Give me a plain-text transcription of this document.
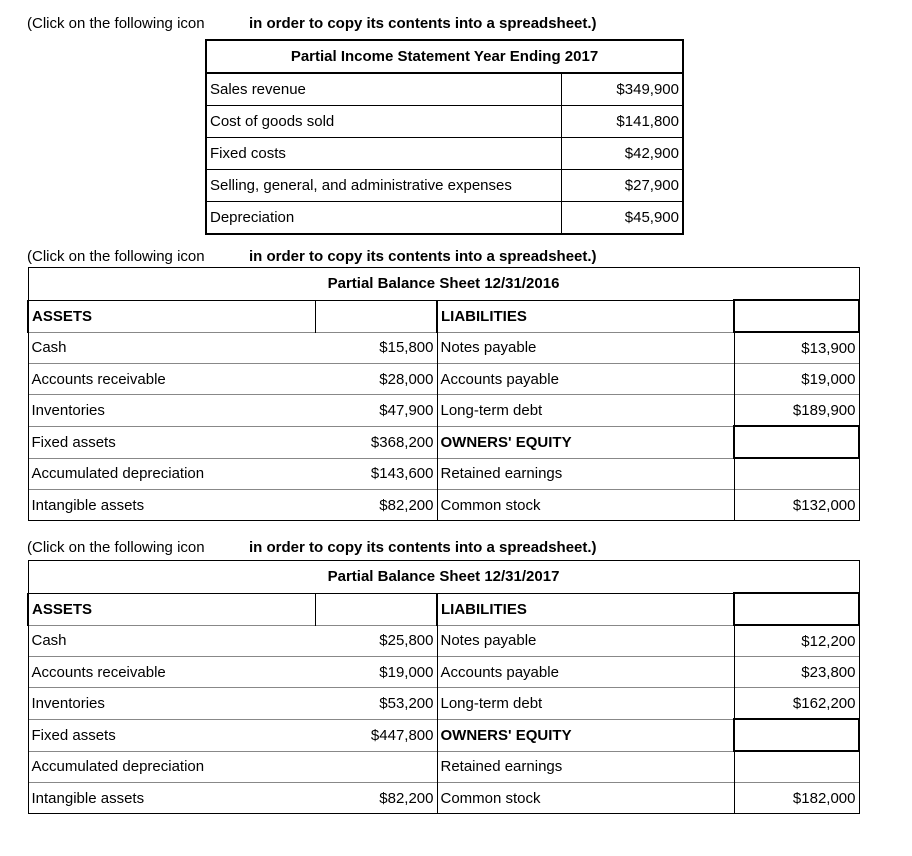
(Click on the following icon	in order to copy its contents into a spreadsheet.)
Partial Income Statement Year Ending 2017	
Sales revenue	$349,900
Cost of goods sold	$141,800
Fixed costs	$42,900
Selling, general, and administrative expenses	$27,900
Depreciation	$45,900
(Click on the following icon	in order to copy its contents into a spreadsheet.)
Partial Balance Sheet 12/31/2016			
ASSETS		LIABILITIES	
Cash	$15,800	Notes payable	$13,900
Accounts receivable	$28,000	Accounts payable	$19,000
Inventories	$47,900	Long-term debt	$189,900
Fixed assets	$368,200	OWNERS' EQUITY	
Accumulated depreciation	$143,600	Retained earnings	
Intangible assets	$82,200	Common stock	$132,000
(Click on the following icon	in order to copy its contents into a spreadsheet.)
Partial Balance Sheet 12/31/2017			
ASSETS		LIABILITIES	
Cash	$25,800	Notes payable	$12,200
Accounts receivable	$19,000	Accounts payable	$23,800
Inventories	$53,200	Long-term debt	$162,200
Fixed assets	$447,800	OWNERS' EQUITY	
Accumulated depreciation		Retained earnings	
Intangible assets	$82,200	Common stock	$182,000
